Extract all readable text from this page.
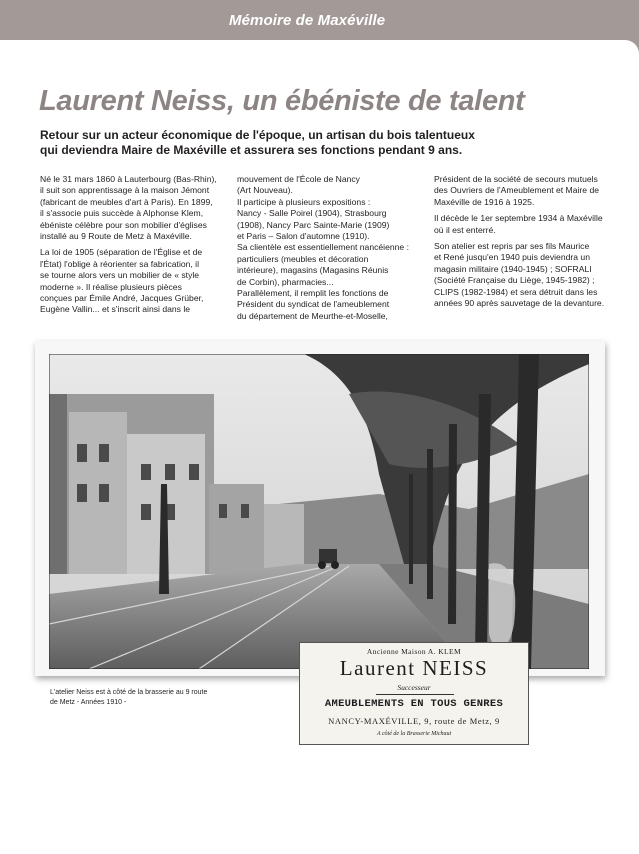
Mémoire de Maxéville
Laurent Neiss, un ébéniste de talent
Retour sur un acteur économique de l'époque, un artisan du bois talentueux
qui deviendra Maire de Maxéville et assurera ses fonctions pendant 9 ans.

Né le 31 mars 1860 à Lauterbourg (Bas-Rhin),
il suit son apprentissage à la maison Jémont
(fabricant de meubles d'art à Paris). En 1899,
il s'associe puis succède à Alphonse Klem,
ébéniste célèbre pour son mobilier d'églises
installé au 9 Route de Metz à Maxéville.

La loi de 1905 (séparation de l'Église et de
l'État) l'oblige à réorienter sa fabrication, il
se tourne alors vers un mobilier de « style
moderne ». Il réalise plusieurs pièces
conçues par Émile André, Jacques Grüber,
Eugène Vallin... et s'inscrit ainsi dans le

mouvement de l'École de Nancy
(Art Nouveau).
Il participe à plusieurs expositions :
Nancy - Salle Poirel (1904), Strasbourg
(1908), Nancy Parc Sainte-Marie (1909)
et Paris – Salon d'automne (1910).
Sa clientèle est essentiellement nancéienne :
particuliers (meubles et décoration
intérieure), magasins (Magasins Réunis
de Corbin), pharmacies...
Parallèlement, il remplit les fonctions de
Président du syndicat de l'ameublement
du département de Meurthe-et-Moselle,

Président de la société de secours mutuels
des Ouvriers de l'Ameublement et Maire de
Maxéville de 1916 à 1925.

Il décède le 1er septembre 1934 à Maxéville
où il est enterré.

Son atelier est repris par ses fils Maurice
et René jusqu'en 1940 puis deviendra un
magasin militaire (1940-1945) ; SOFRALI
(Société Française du Liège, 1945-1982) ;
CLIPS (1982-1984) et sera détruit dans les
années 90 après sauvetage de la devanture.

L'atelier Neiss est à côté de la brasserie au 9 route
de Metz - Années 1910 -
Ancienne Maison A. KLEM
Laurent NEISS
Successeur
AMEUBLEMENTS EN TOUS GENRES
NANCY-MAXÉVILLE, 9, route de Metz, 9
A côté de la Brasserie Michaut
